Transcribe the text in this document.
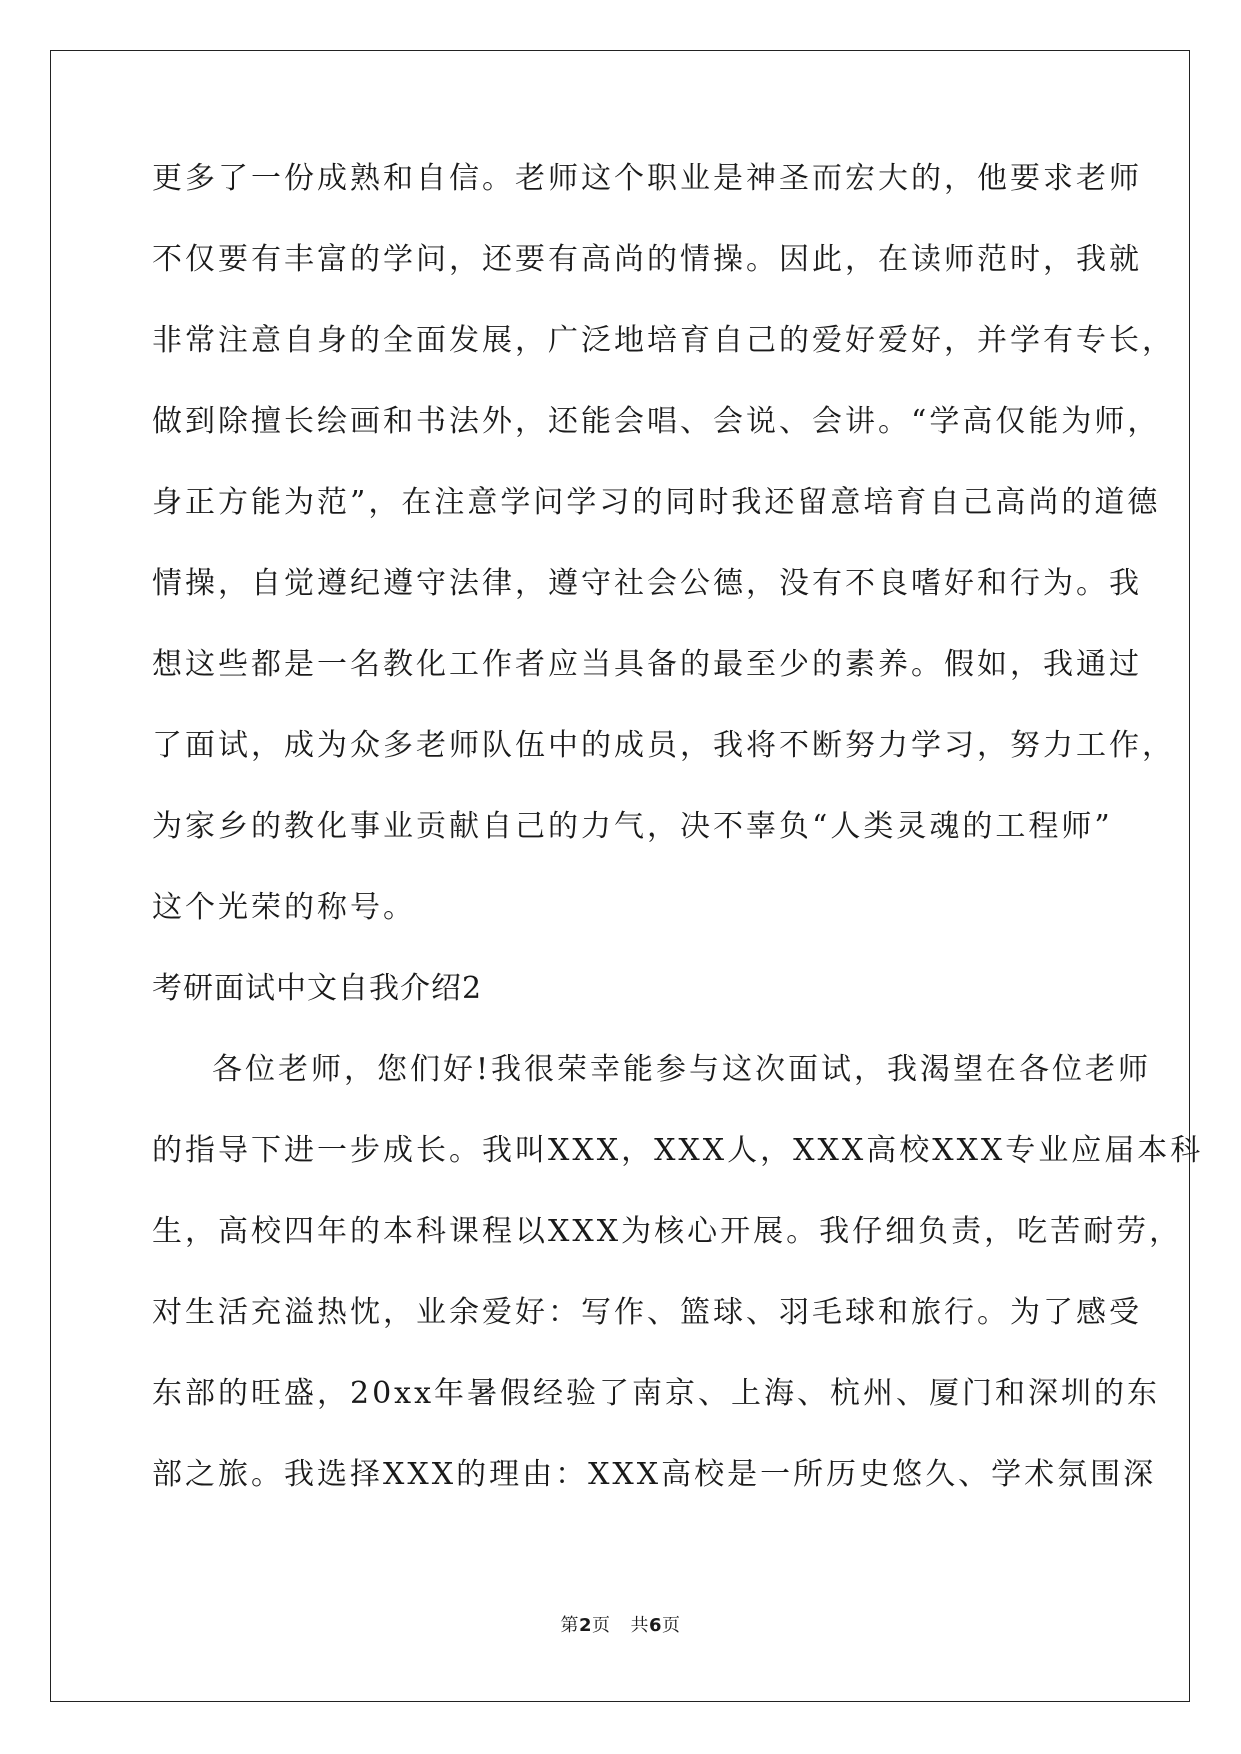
更多了一份成熟和自信。老师这个职业是神圣而宏大的，他要求老师
不仅要有丰富的学问，还要有高尚的情操。因此，在读师范时，我就
非常注意自身的全面发展，广泛地培育自己的爱好爱好，并学有专长，
做到除擅长绘画和书法外，还能会唱、会说、会讲。“学高仅能为师，
身正方能为范”，在注意学问学习的同时我还留意培育自己高尚的道德
情操，自觉遵纪遵守法律，遵守社会公德，没有不良嗜好和行为。我
想这些都是一名教化工作者应当具备的最至少的素养。假如，我通过
了面试，成为众多老师队伍中的成员，我将不断努力学习，努力工作，
为家乡的教化事业贡献自己的力气，决不辜负“人类灵魂的工程师”
这个光荣的称号。
考研面试中文自我介绍2
各位老师，您们好!我很荣幸能参与这次面试，我渴望在各位老师
的指导下进一步成长。我叫XXX，XXX人，XXX高校XXX专业应届本科
生，高校四年的本科课程以XXX为核心开展。我仔细负责，吃苦耐劳，
对生活充溢热忱，业余爱好：写作、篮球、羽毛球和旅行。为了感受
东部的旺盛，20xx年暑假经验了南京、上海、杭州、厦门和深圳的东
部之旅。我选择XXX的理由：XXX高校是一所历史悠久、学术氛围深
第2页 共6页
